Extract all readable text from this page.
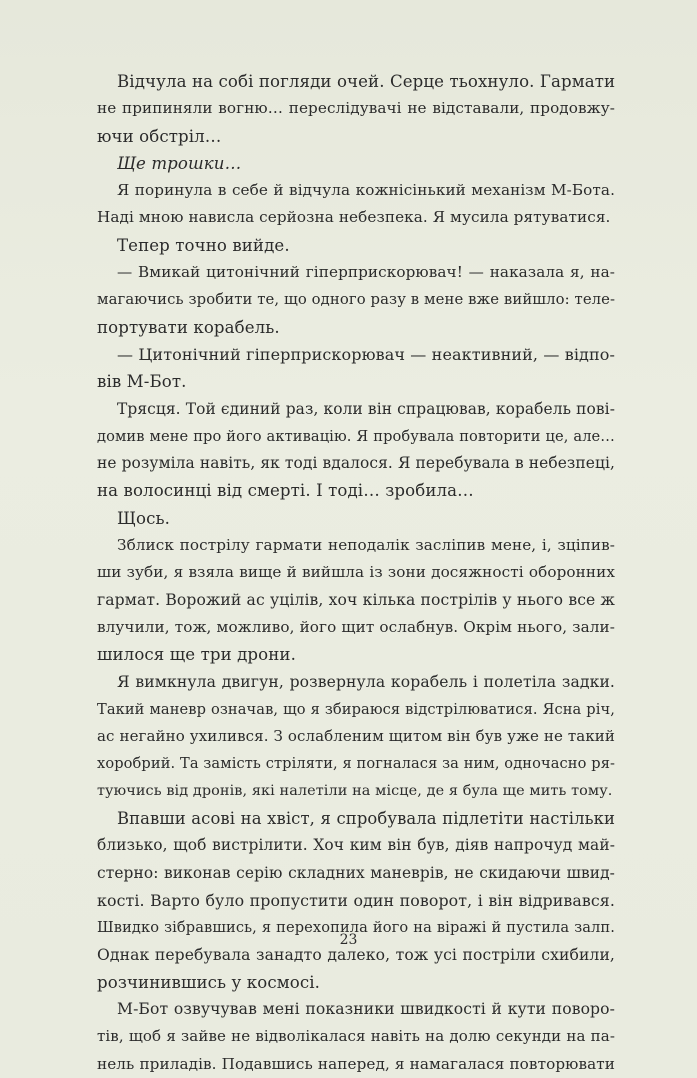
Відчула на собі погляди очей. Серце тьохнуло. Гармати
не припиняли вогню… переслідувачі не відставали, продовжу-
ючи обстріл…
Ще трошки…
Я поринула в себе й відчула кожнісінький механізм М-Бота.
Наді мною нависла серйозна небезпека. Я мусила рятуватися.
Тепер точно вийде.
— Вмикай цитонічний гіперприскорювач! — наказала я, на-
магаючись зробити те, що одного разу в мене вже вийшло: теле-
портувати корабель.
— Цитонічний гіперприскорювач — неактивний, — відпо-
вів М-Бот.
Трясця. Той єдиний раз, коли він спрацював, корабель пові-
домив мене про його активацію. Я пробувала повторити це, але…
не розуміла навіть, як тоді вдалося. Я перебувала в небезпеці,
на волосинці від смерті. І тоді… зробила…
Щось.
Зблиск пострілу гармати неподалік засліпив мене, і, зціпив-
ши зуби, я взяла вище й вийшла із зони досяжності оборонних
гармат. Ворожий ас уцілів, хоч кілька пострілів у нього все ж
влучили, тож, можливо, його щит ослабнув. Окрім нього, зали-
шилося ще три дрони.
Я вимкнула двигун, розвернула корабель і полетіла задки.
Такий маневр означав, що я збираюся відстрілюватися. Ясна річ,
ас негайно ухилився. З ослабленим щитом він був уже не такий
хоробрий. Та замість стріляти, я погналася за ним, одночасно ря-
туючись від дронів, які налетіли на місце, де я була ще мить тому.
Впавши асові на хвіст, я спробувала підлетіти настільки
близько, щоб вистрілити. Хоч ким він був, діяв напрочуд май-
стерно: виконав серію складних маневрів, не скидаючи швид-
кості. Варто було пропустити один поворот, і він відривався.
Швидко зібравшись, я перехопила його на віражі й пустила залп.
Однак перебувала занадто далеко, тож усі постріли схибили,
розчинившись у космосі.
М-Бот озвучував мені показники швидкості й кути поворо-
тів, щоб я зайве не відволікалася навіть на долю секунди на па-
нель приладів. Подавшись наперед, я намагалася повторювати
23
